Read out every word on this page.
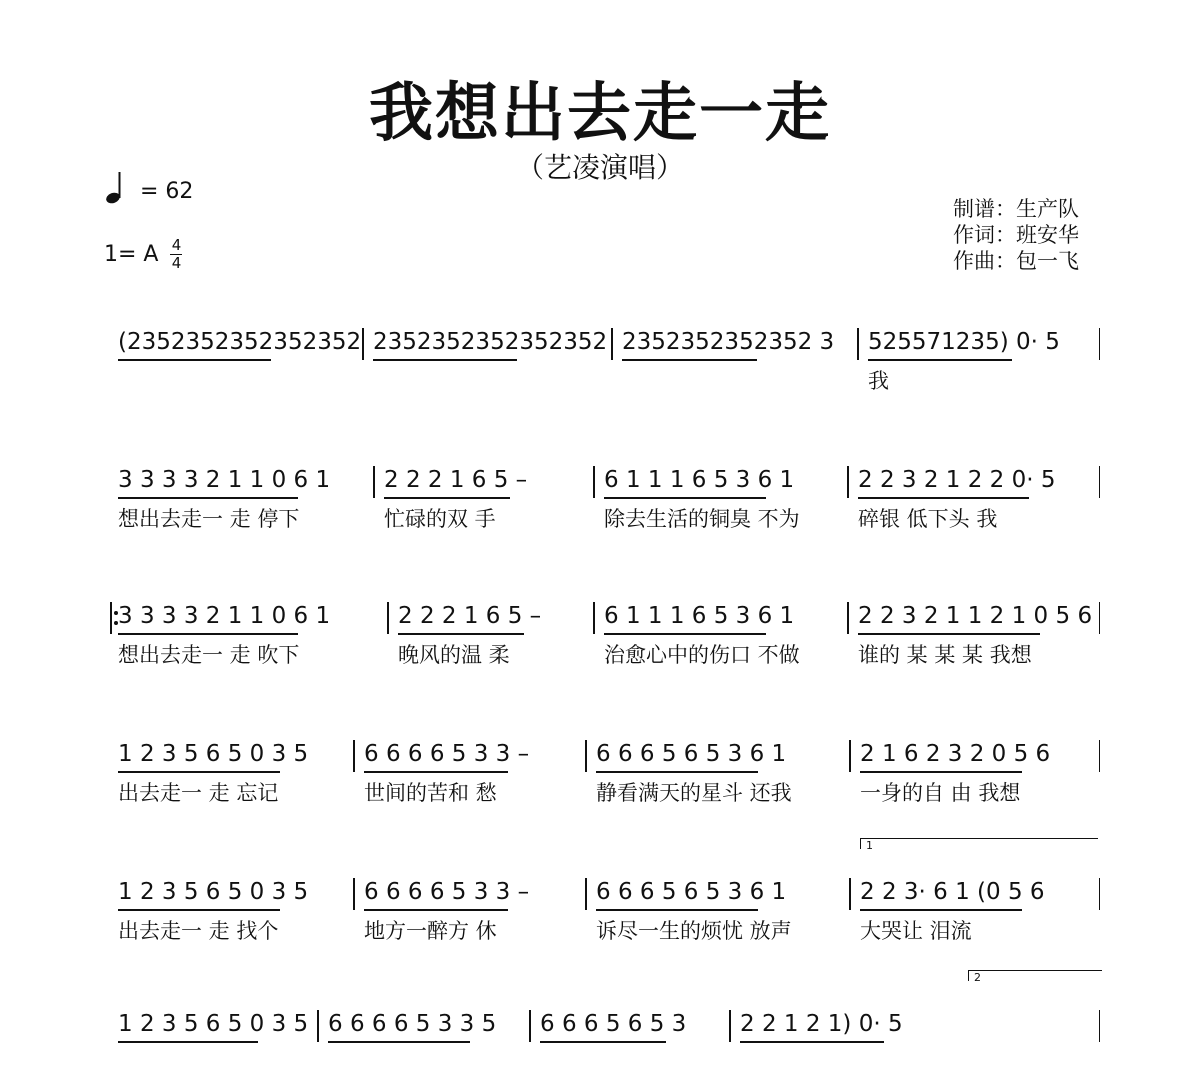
我想出去走一走
（艺凌演唱）
= 62
1= A $\frac{4}{4}$
制谱：生产队
作词：班安华
作曲：包一飞
(2352352352352352 2352352352352352 2352352352352 3	525571235) 0· 5
我
3 3 3 3 2 1 1 0 6 1	2 2 2 1 6 5 –	6 1 1 1 6 5 3 6 1	2 2 3 2 1 2 2 0· 5
想出去走一 走 停下	忙碌的双 手	除去生活的铜臭 不为	碎银 低下头 我
3 3 3 3 2 1 1 0 6 1	2 2 2 1 6 5 –	6 1 1 1 6 5 3 6 1	2 2 3 2 1 1 2 1 0 5 6
想出去走一 走 吹下	晚风的温 柔	治愈心中的伤口 不做	谁的 某 某 某 我想
1 2 3 5 6 5 0 3 5	6 6 6 6 5 3 3 –	6 6 6 5 6 5 3 6 1	2 1 6 2 3 2 0 5 6
出去走一 走 忘记	世间的苦和 愁	静看满天的星斗 还我	一身的自 由 我想
1
1 2 3 5 6 5 0 3 5	6 6 6 6 5 3 3 –	6 6 6 5 6 5 3 6 1	2 2 3· 6 1 (0 5 6
出去走一 走 找个	地方一醉方 休	诉尽一生的烦忧 放声	大哭让 泪流
2
1 2 3 5 6 5 0 3 5 6 6 6 6 5 3 3 5	6 6 6 5 6 5 3	2 2 1 2 1) 0· 5
